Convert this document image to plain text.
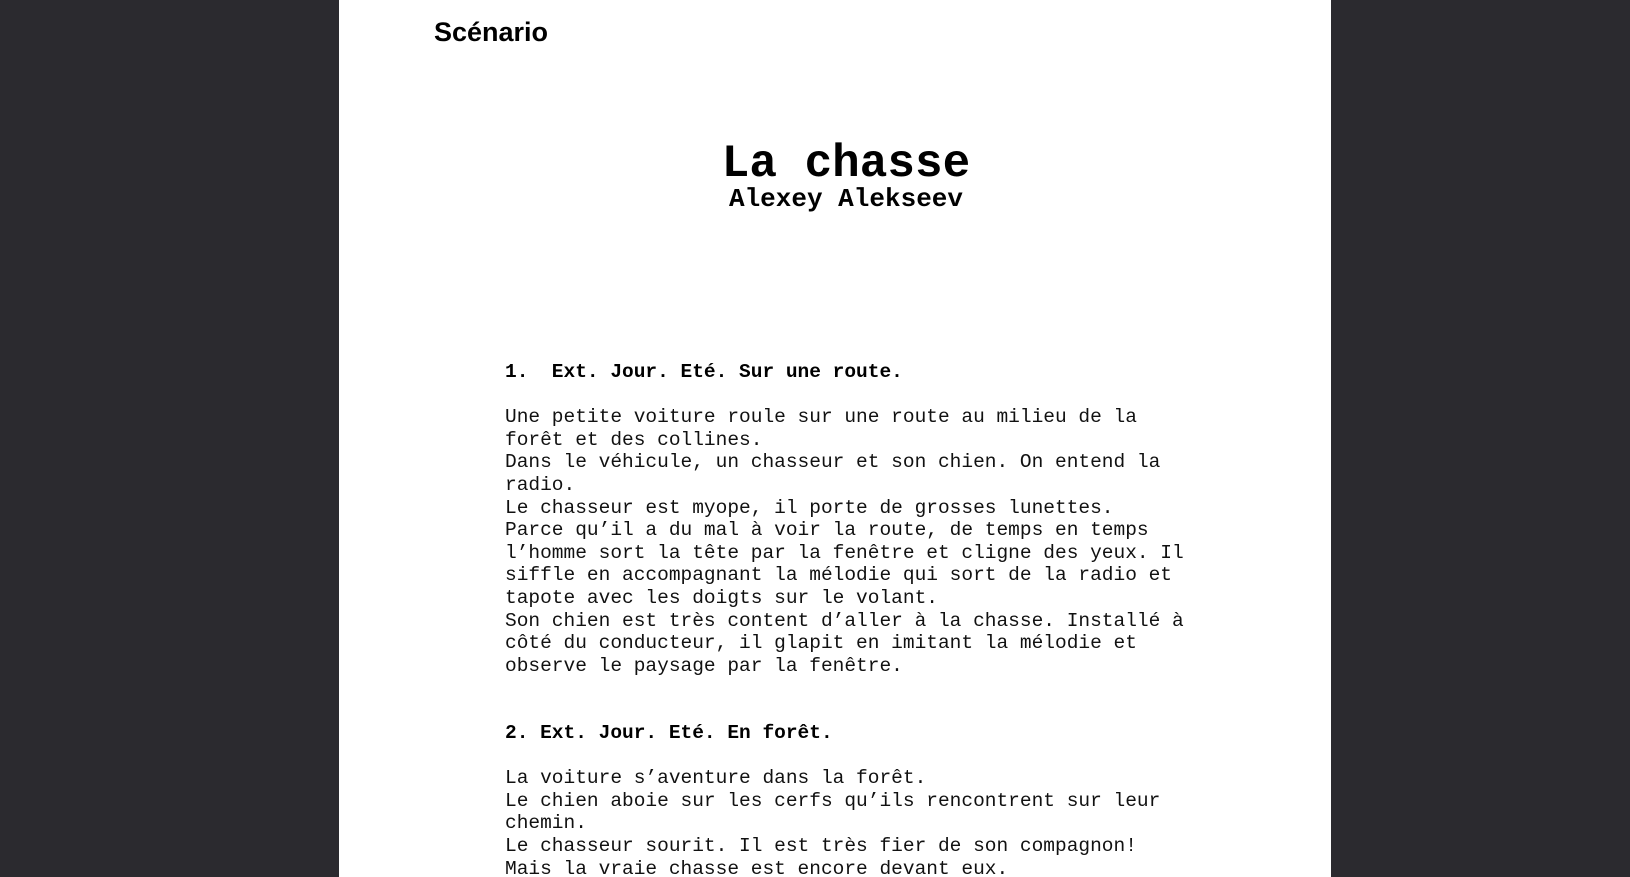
Scénario
La chasse
Alexey Alekseev
1.  Ext. Jour. Eté. Sur une route.
Une petite voiture roule sur une route au milieu de la
forêt et des collines.
Dans le véhicule, un chasseur et son chien. On entend la
radio.
Le chasseur est myope, il porte de grosses lunettes.
Parce qu’il a du mal à voir la route, de temps en temps
l’homme sort la tête par la fenêtre et cligne des yeux. Il
siffle en accompagnant la mélodie qui sort de la radio et
tapote avec les doigts sur le volant.
Son chien est très content d’aller à la chasse. Installé à
côté du conducteur, il glapit en imitant la mélodie et
observe le paysage par la fenêtre.
2. Ext. Jour. Eté. En forêt.
La voiture s’aventure dans la forêt.
Le chien aboie sur les cerfs qu’ils rencontrent sur leur
chemin.
Le chasseur sourit. Il est très fier de son compagnon!
Mais la vraie chasse est encore devant eux.
